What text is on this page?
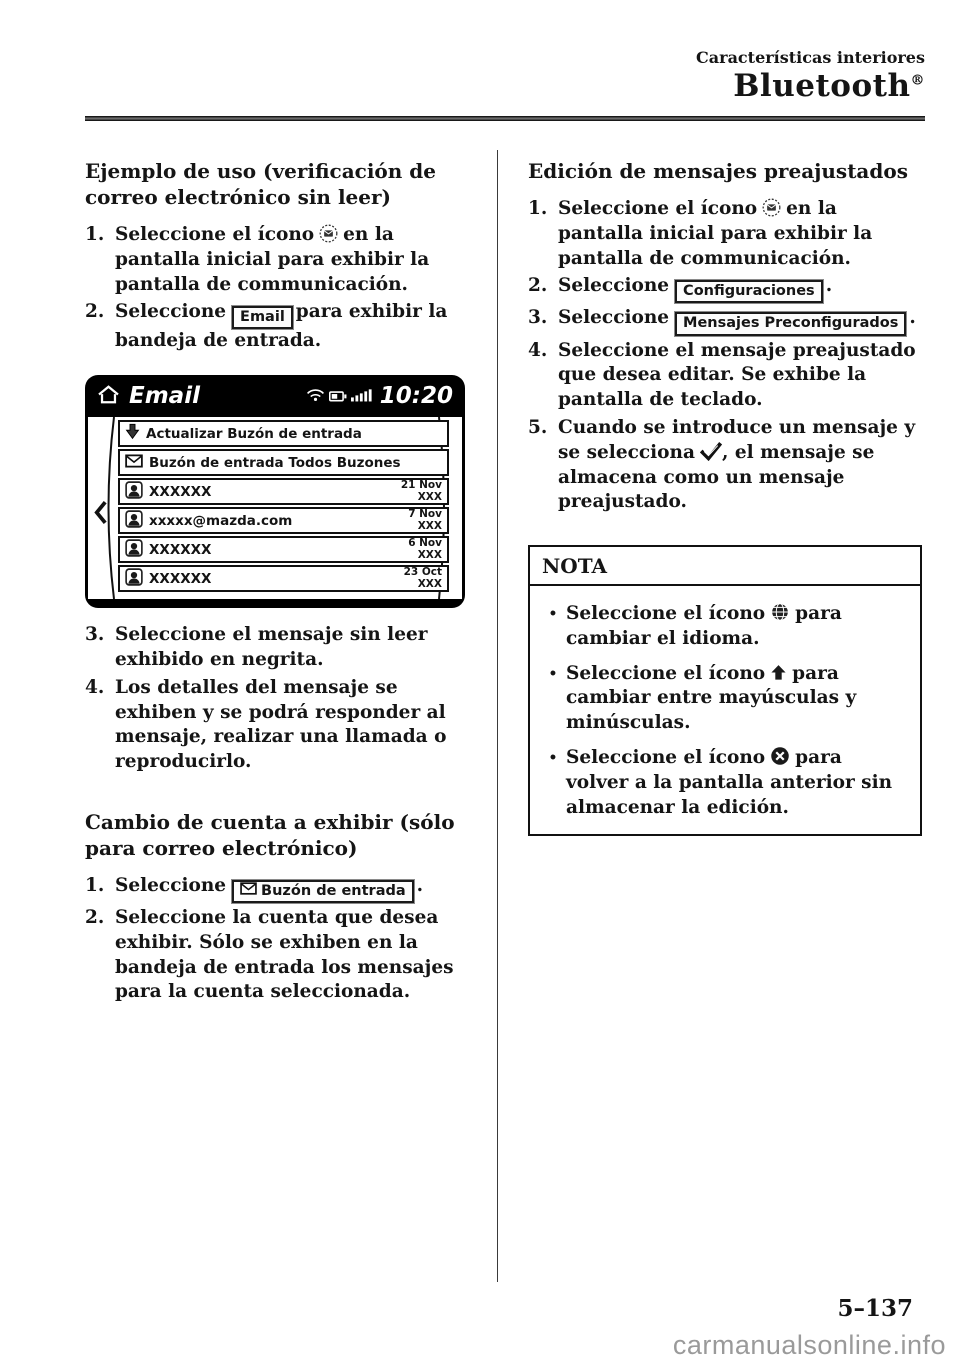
Características interiores
Bluetooth®
Ejemplo de uso (verificación de correo electrónico sin leer)
1. Seleccione el ícono en la pantalla inicial para exhibir la pantalla de communicación.
2. Seleccione Email para exhibir la bandeja de entrada.
Email	10:20
Actualizar Buzón de entrada
Buzón de entrada Todos Buzones
XXXXXX	21 Nov
XXX
xxxxx@mazda.com	7 Nov
XXX
XXXXXX	6 Nov
XXX
XXXXXX	23 Oct
XXX
3. Seleccione el mensaje sin leer exhibido en negrita.
4. Los detalles del mensaje se exhiben y se podrá responder al mensaje, realizar una llamada o reproducirlo.
Cambio de cuenta a exhibir (sólo para correo electrónico)
1. Seleccione Buzón de entrada .
2. Seleccione la cuenta que desea exhibir. Sólo se exhiben en la bandeja de entrada los mensajes para la cuenta seleccionada.
Edición de mensajes preajustados
1. Seleccione el ícono en la pantalla inicial para exhibir la pantalla de communicación.
2. Seleccione Configuraciones .
3. Seleccione Mensajes Preconfigurados .
4. Seleccione el mensaje preajustado que desea editar. Se exhibe la pantalla de teclado.
5. Cuando se introduce un mensaje y se selecciona , el mensaje se almacena como un mensaje preajustado.
NOTA
•
Seleccione el ícono para cambiar el idioma.
•
Seleccione el ícono para cambiar entre mayúsculas y minúsculas.
•
Seleccione el ícono para volver a la pantalla anterior sin almacenar la edición.
5–137
carmanualsonline.info
